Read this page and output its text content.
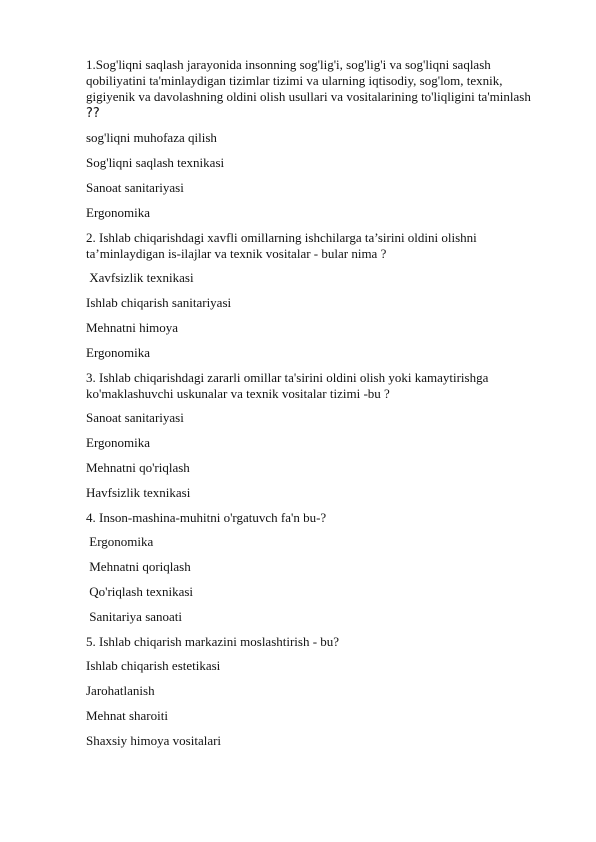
1.Sog'liqni saqlash jarayonida insonning sog'lig'i, sog'lig'i va sog'liqni saqlash qobiliyatini ta'minlaydigan tizimlar tizimi va ularning iqtisodiy, sog'lom, texnik, gigiyenik va davolashning oldini olish usullari va vositalarining to'liqligini ta'minlash ??

sog'liqni muhofaza qilish
Sog'liqni saqlash texnikasi
Sanoat sanitariyasi
Ergonomika

2. Ishlab chiqarishdagi xavfli omillarning ishchilarga ta’sirini oldini olishni ta’minlaydigan is-ilajlar va texnik vositalar - bular nima ?

Xavfsizlik texnikasi
Ishlab chiqarish sanitariyasi
Mehnatni himoya
Ergonomika

3. Ishlab chiqarishdagi zararli omillar ta'sirini oldini olish yoki kamaytirishga ko'maklashuvchi uskunalar va texnik vositalar tizimi -bu ?

Sanoat sanitariyasi
Ergonomika
Mehnatni qo'riqlash
Havfsizlik texnikasi

4. Inson-mashina-muhitni o'rgatuvch fa'n bu-?

Ergonomika
Mehnatni qoriqlash
Qo'riqlash texnikasi
Sanitariya sanoati

5. Ishlab chiqarish markazini moslashtirish - bu?

Ishlab chiqarish estetikasi
Jarohatlanish
Mehnat sharoiti
Shaxsiy himoya vositalari
